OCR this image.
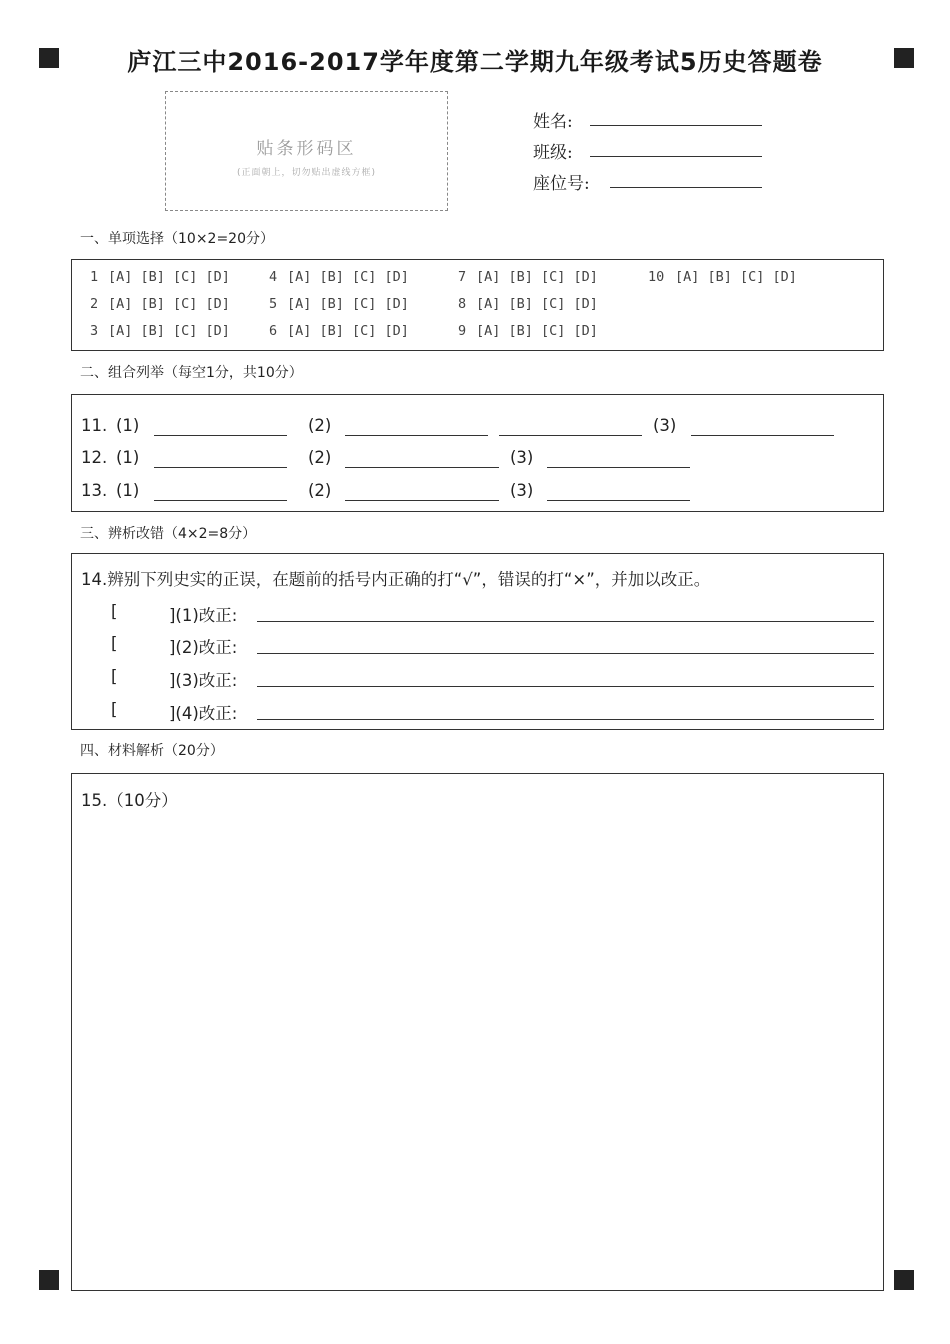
庐江三中2016-2017学年度第二学期九年级考试5历史答题卷
贴条形码区
(正面朝上，切勿贴出虚线方框)
姓名:
班级:
座位号:
一、单项选择（10×2=20分）
1 [A] [B] [C] [D]
2 [A] [B] [C] [D]
3 [A] [B] [C] [D]
4 [A] [B] [C] [D]
5 [A] [B] [C] [D]
6 [A] [B] [C] [D]
7 [A] [B] [C] [D]
8 [A] [B] [C] [D]
9 [A] [B] [C] [D]
10 [A] [B] [C] [D]
二、组合列举（每空1分，共10分）
11. (1)	(2)	(3)
12. (1)	(2)	(3)
13. (1)	(2)	(3)
三、辨析改错（4×2=8分）
14.辨别下列史实的正误，在题前的括号内正确的打“√”，错误的打“×”，并加以改正。
[	](1)改正:
[	](2)改正:
[	](3)改正:
[	](4)改正:
四、材料解析（20分）
15.（10分）
